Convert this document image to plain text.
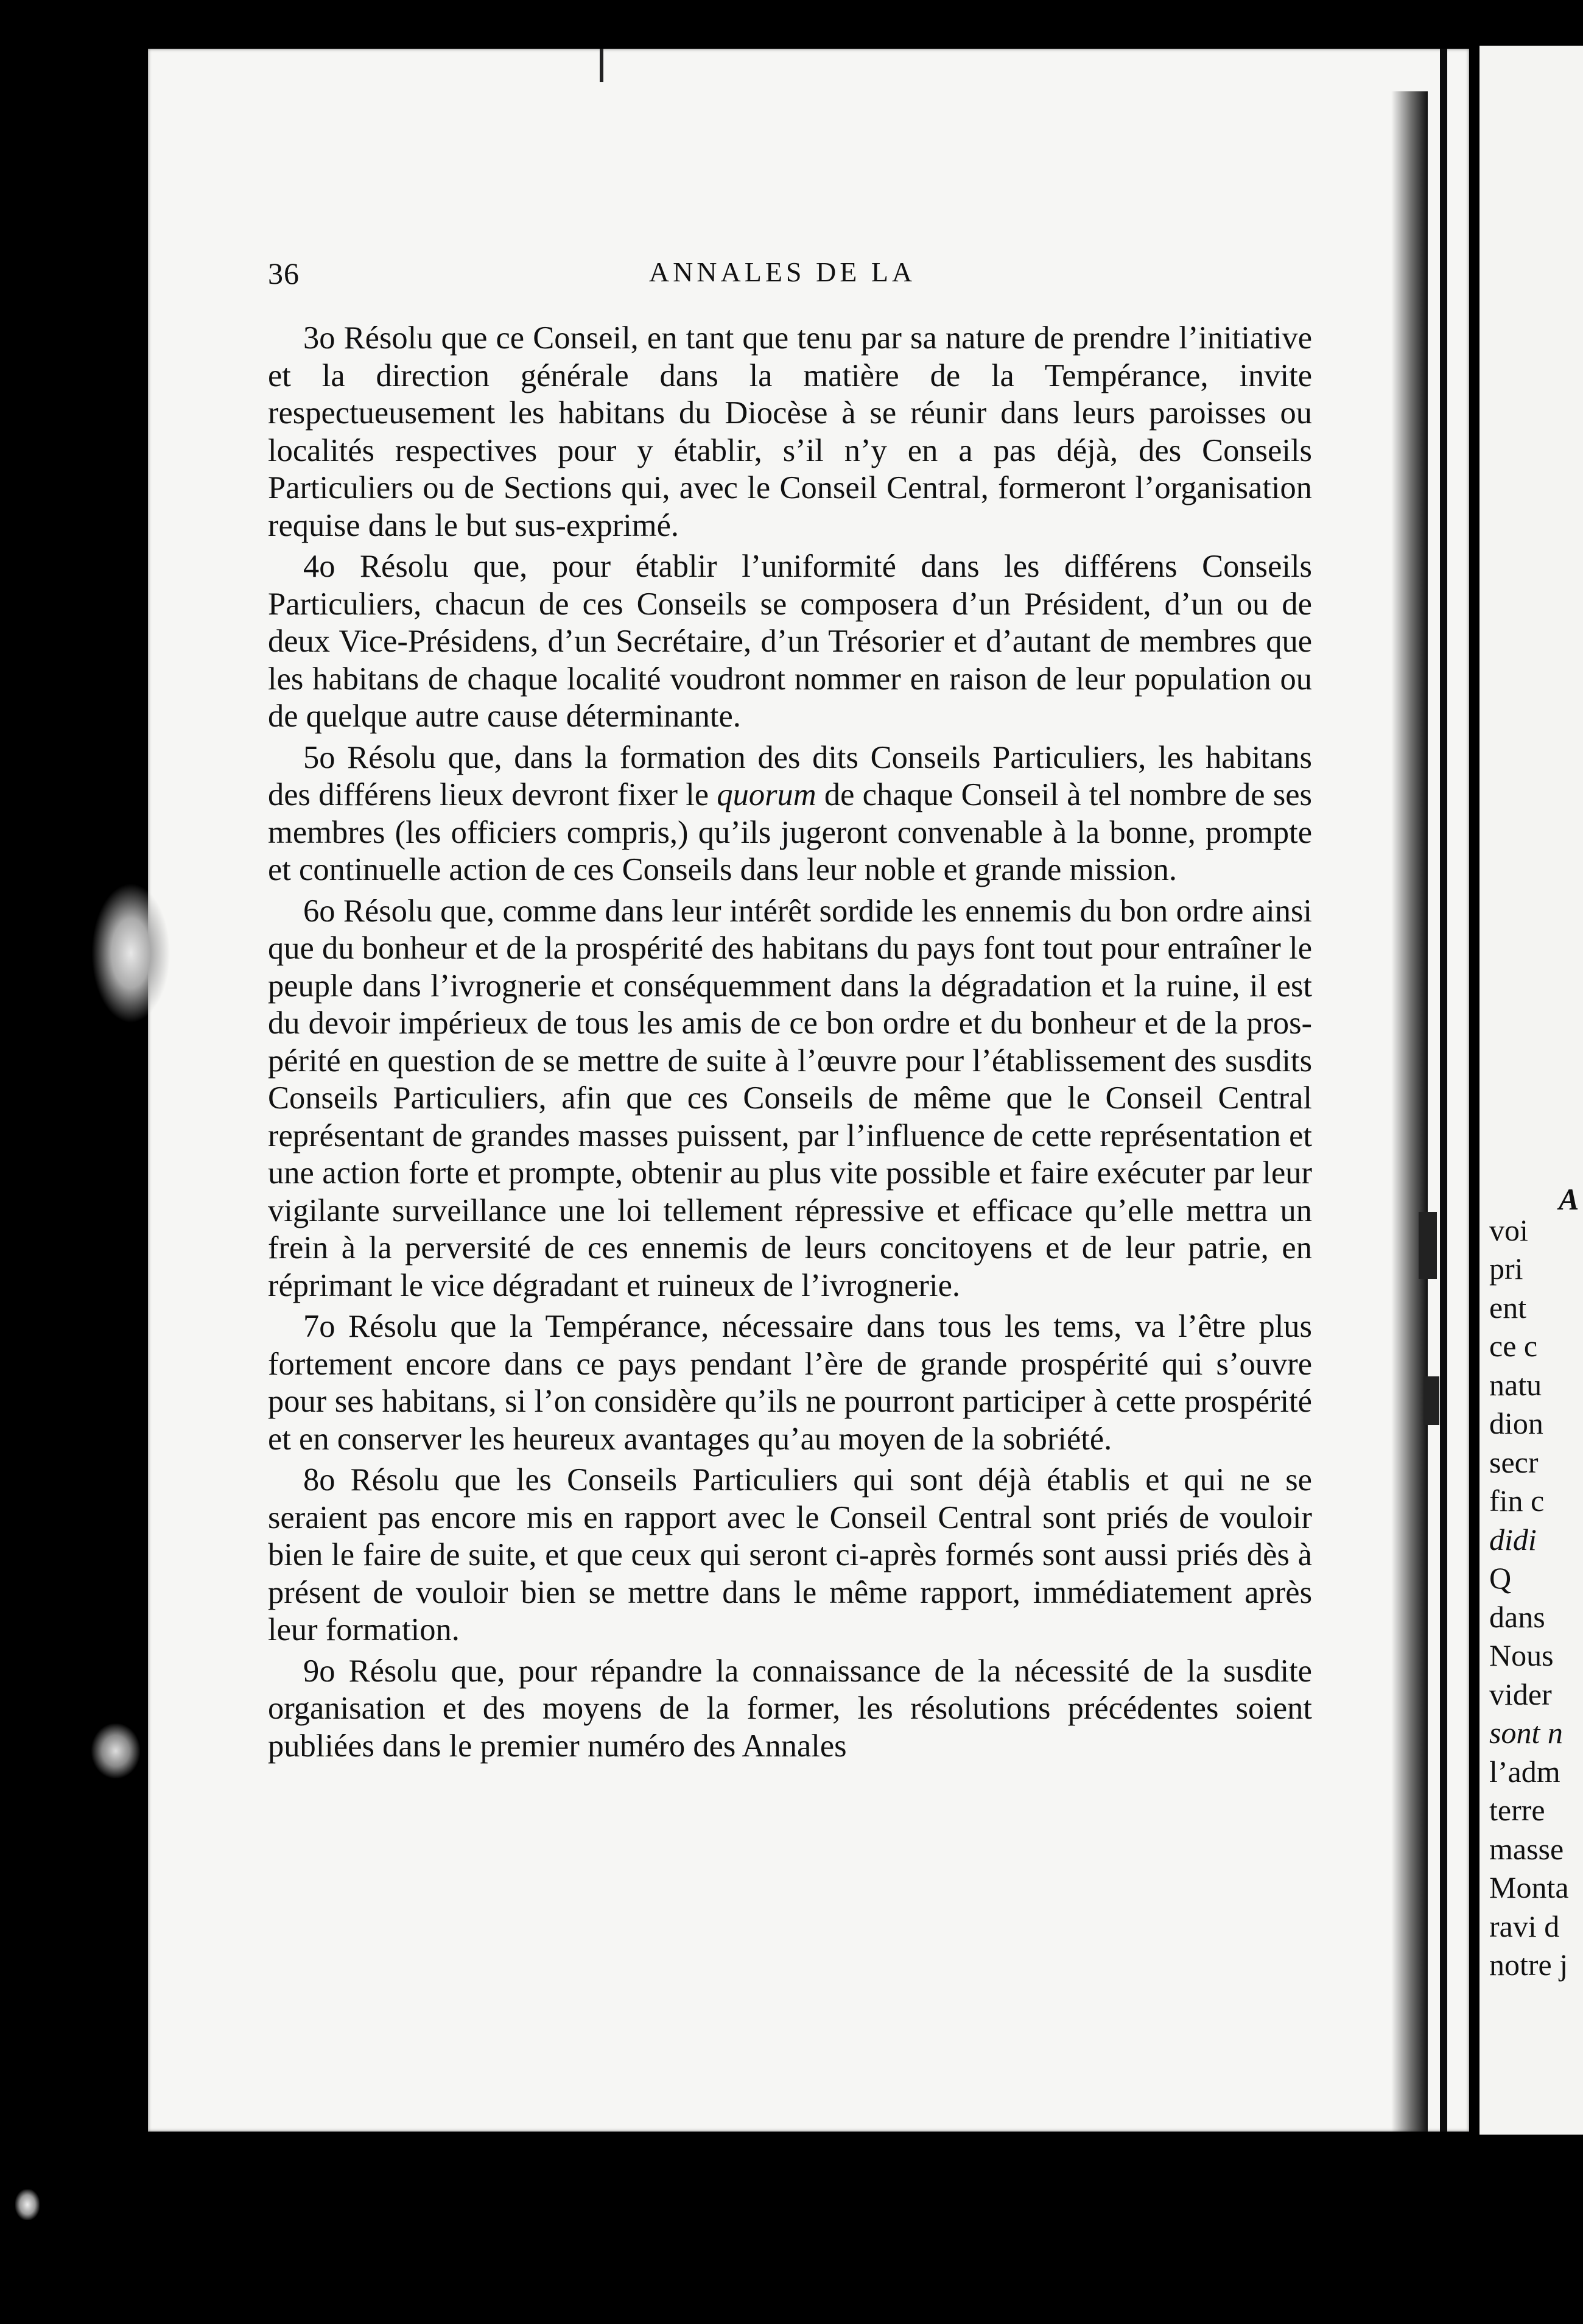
36	ANNALES DE LA

3o Résolu que ce Conseil, en tant que tenu par sa nature de prendre l’initiative et la direction générale dans la matière de la Tempérance, invite respectueusement les habitans du Diocèse à se réunir dans leurs paroisses ou localités respectives pour y établir, s’il n’y en a pas déjà, des Conseils Particuliers ou de Sections qui, avec le Conseil Central, formeront l’organisation requise dans le but sus-exprimé.

4o Résolu que, pour établir l’uniformité dans les différens Conseils Particuliers, chacun de ces Conseils se composera d’un Président, d’un ou de deux Vice-Présidens, d’un Secrétaire, d’un Trésorier et d’autant de membres que les habitans de chaque localité voudront nommer en raison de leur population ou de quelque autre cause déterminante.

5o Résolu que, dans la formation des dits Conseils Particuliers, les habitans des différens lieux devront fixer le quorum de chaque Conseil à tel nombre de ses membres (les officiers compris,) qu’ils jugeront convenable à la bonne, prompte et continuelle action de ces Conseils dans leur noble et grande mission.

6o Résolu que, comme dans leur intérêt sordide les ennemis du bon ordre ainsi que du bonheur et de la prospérité des habitans du pays font tout pour entraîner le peuple dans l’ivrognerie et conséquemment dans la dégradation et la ruine, il est du devoir impérieux de tous les amis de ce bon ordre et du bonheur et de la prospérité en question de se mettre de suite à l’œuvre pour l’établissement des susdits Conseils Particuliers, afin que ces Conseils de même que le Conseil Central représentant de grandes masses puissent, par l’influence de cette représentation et une action forte et prompte, obtenir au plus vite possible et faire exécuter par leur vigilante surveillance une loi tellement répressive et efficace qu’elle mettra un frein à la perversité de ces ennemis de leurs concitoyens et de leur patrie, en réprimant le vice dégradant et ruineux de l’ivrognerie.

7o Résolu que la Tempérance, nécessaire dans tous les tems, va l’être plus fortement encore dans ce pays pendant l’ère de grande prospérité qui s’ouvre pour ses habitans, si l’on considère qu’ils ne pourront participer à cette prospérité et en conserver les heureux avantages qu’au moyen de la sobriété.

8o Résolu que les Conseils Particuliers qui sont déjà établis et qui ne se seraient pas encore mis en rapport avec le Conseil Central sont priés de vouloir bien le faire de suite, et que ceux qui seront ci-après formés sont aussi priés dès à présent de vouloir bien se mettre dans le même rapport, immédiatement après leur formation.

9o Résolu que, pour répandre la connaissance de la nécessité de la susdite organisation et des moyens de la former, les résolutions précédentes soient publiées dans le premier numéro des Annales

A
voi
pri
ent
ce c
natu
dion
secr
fin c
didi
Q
dans
Nous
vider
sont n
l’adm
terre
masse
Monta
ravi d
notre j
